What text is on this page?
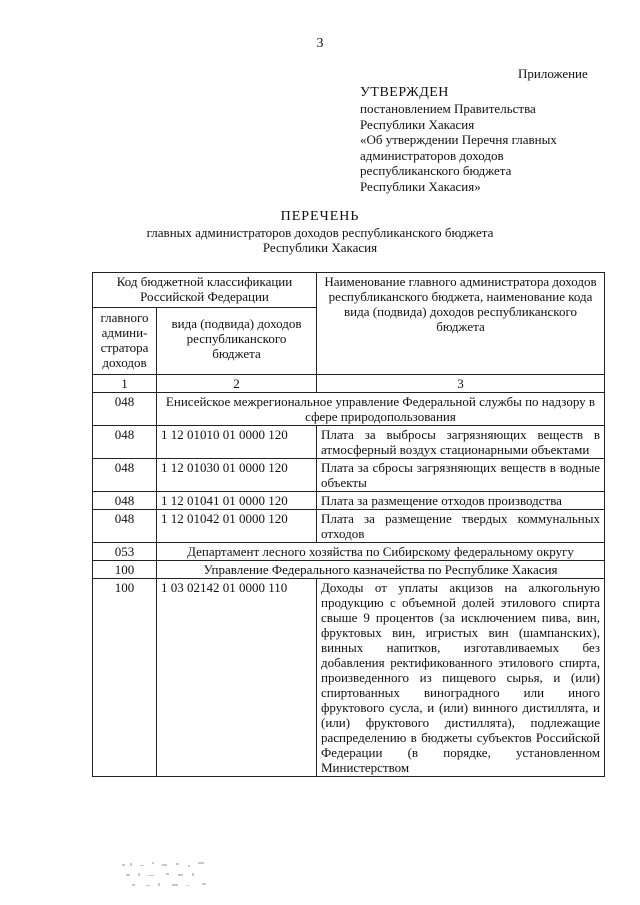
3
Приложение
УТВЕРЖДЕН
постановлением Правительства
Республики Хакасия
«Об утверждении Перечня главных
администраторов доходов
республиканского бюджета
Республики Хакасия»
ПЕРЕЧЕНЬ
главных администраторов доходов республиканского бюджета
Республики Хакасия
Код бюджетной классификации Российской Федерации		Наименование главного администратора доходов республиканского бюджета, наименование кода вида (подвида) доходов республиканского бюджета
главного админи-стратора доходов	вида (подвида) доходов республиканского бюджета	
1	2	3
048	Енисейское межрегиональное управление Федеральной службы по надзору в сфере природопользования	
048	1 12 01010 01 0000 120	Плата за выбросы загрязняющих веществ в атмосферный воздух стационарными объектами
048	1 12 01030 01 0000 120	Плата за сбросы загрязняющих веществ в водные объекты
048	1 12 01041 01 0000 120	Плата за размещение отходов производства
048	1 12 01042 01 0000 120	Плата за размещение твердых коммунальных отходов
053	Департамент лесного хозяйства по Сибирскому федеральному округу	
100	Управление Федерального казначейства по Республике Хакасия	
100	1 03 02142 01 0000 110	Доходы от уплаты акцизов на алкогольную продукцию с объемной долей этилового спирта свыше 9 процентов (за исключением пива, вин, фруктовых вин, игристых вин (шампанских), винных напитков, изготавливаемых без добавления ректификованного этилового спирта, произведенного из пищевого сырья, и (или) спиртованных виноградного или иного фруктового сусла, и (или) винного дистиллята, и (или) фруктового дистиллята), подлежащие распределению в бюджеты субъектов Российской Федерации (в порядке, установленном Министерством
